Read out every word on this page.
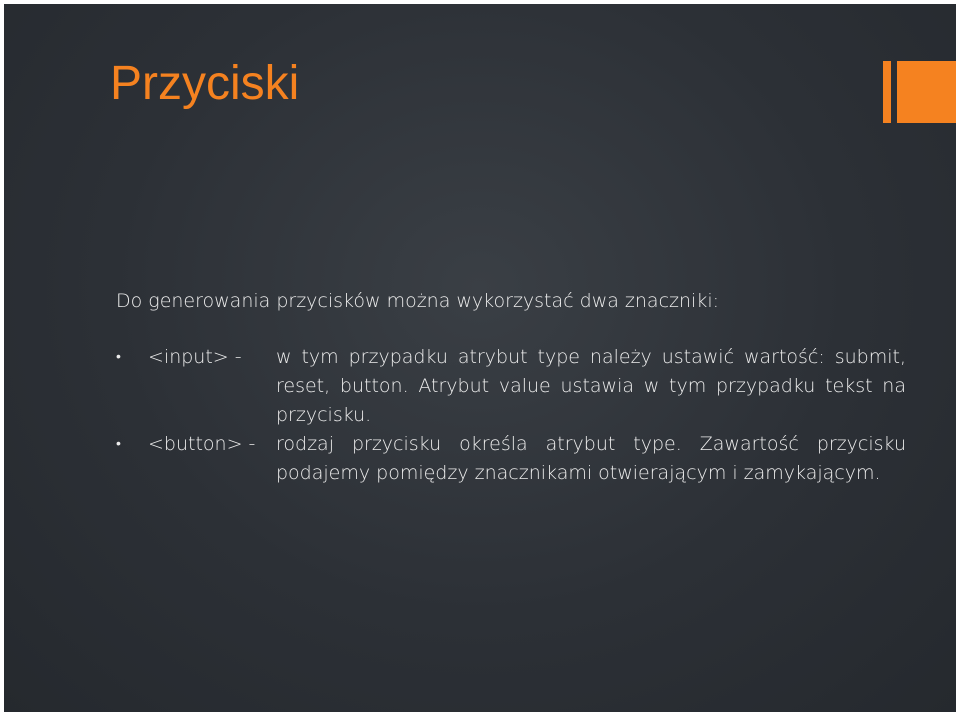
Przyciski

Do generowania przycisków można wykorzystać dwa znaczniki:

•	<input> -	w tym przypadku atrybut type należy ustawić wartość: submit, reset, button. Atrybut value ustawia w tym przypadku tekst na przycisku.
•	<button> -	rodzaj przycisku określa atrybut type. Zawartość przycisku podajemy pomiędzy znacznikami otwierającym i zamykającym.
